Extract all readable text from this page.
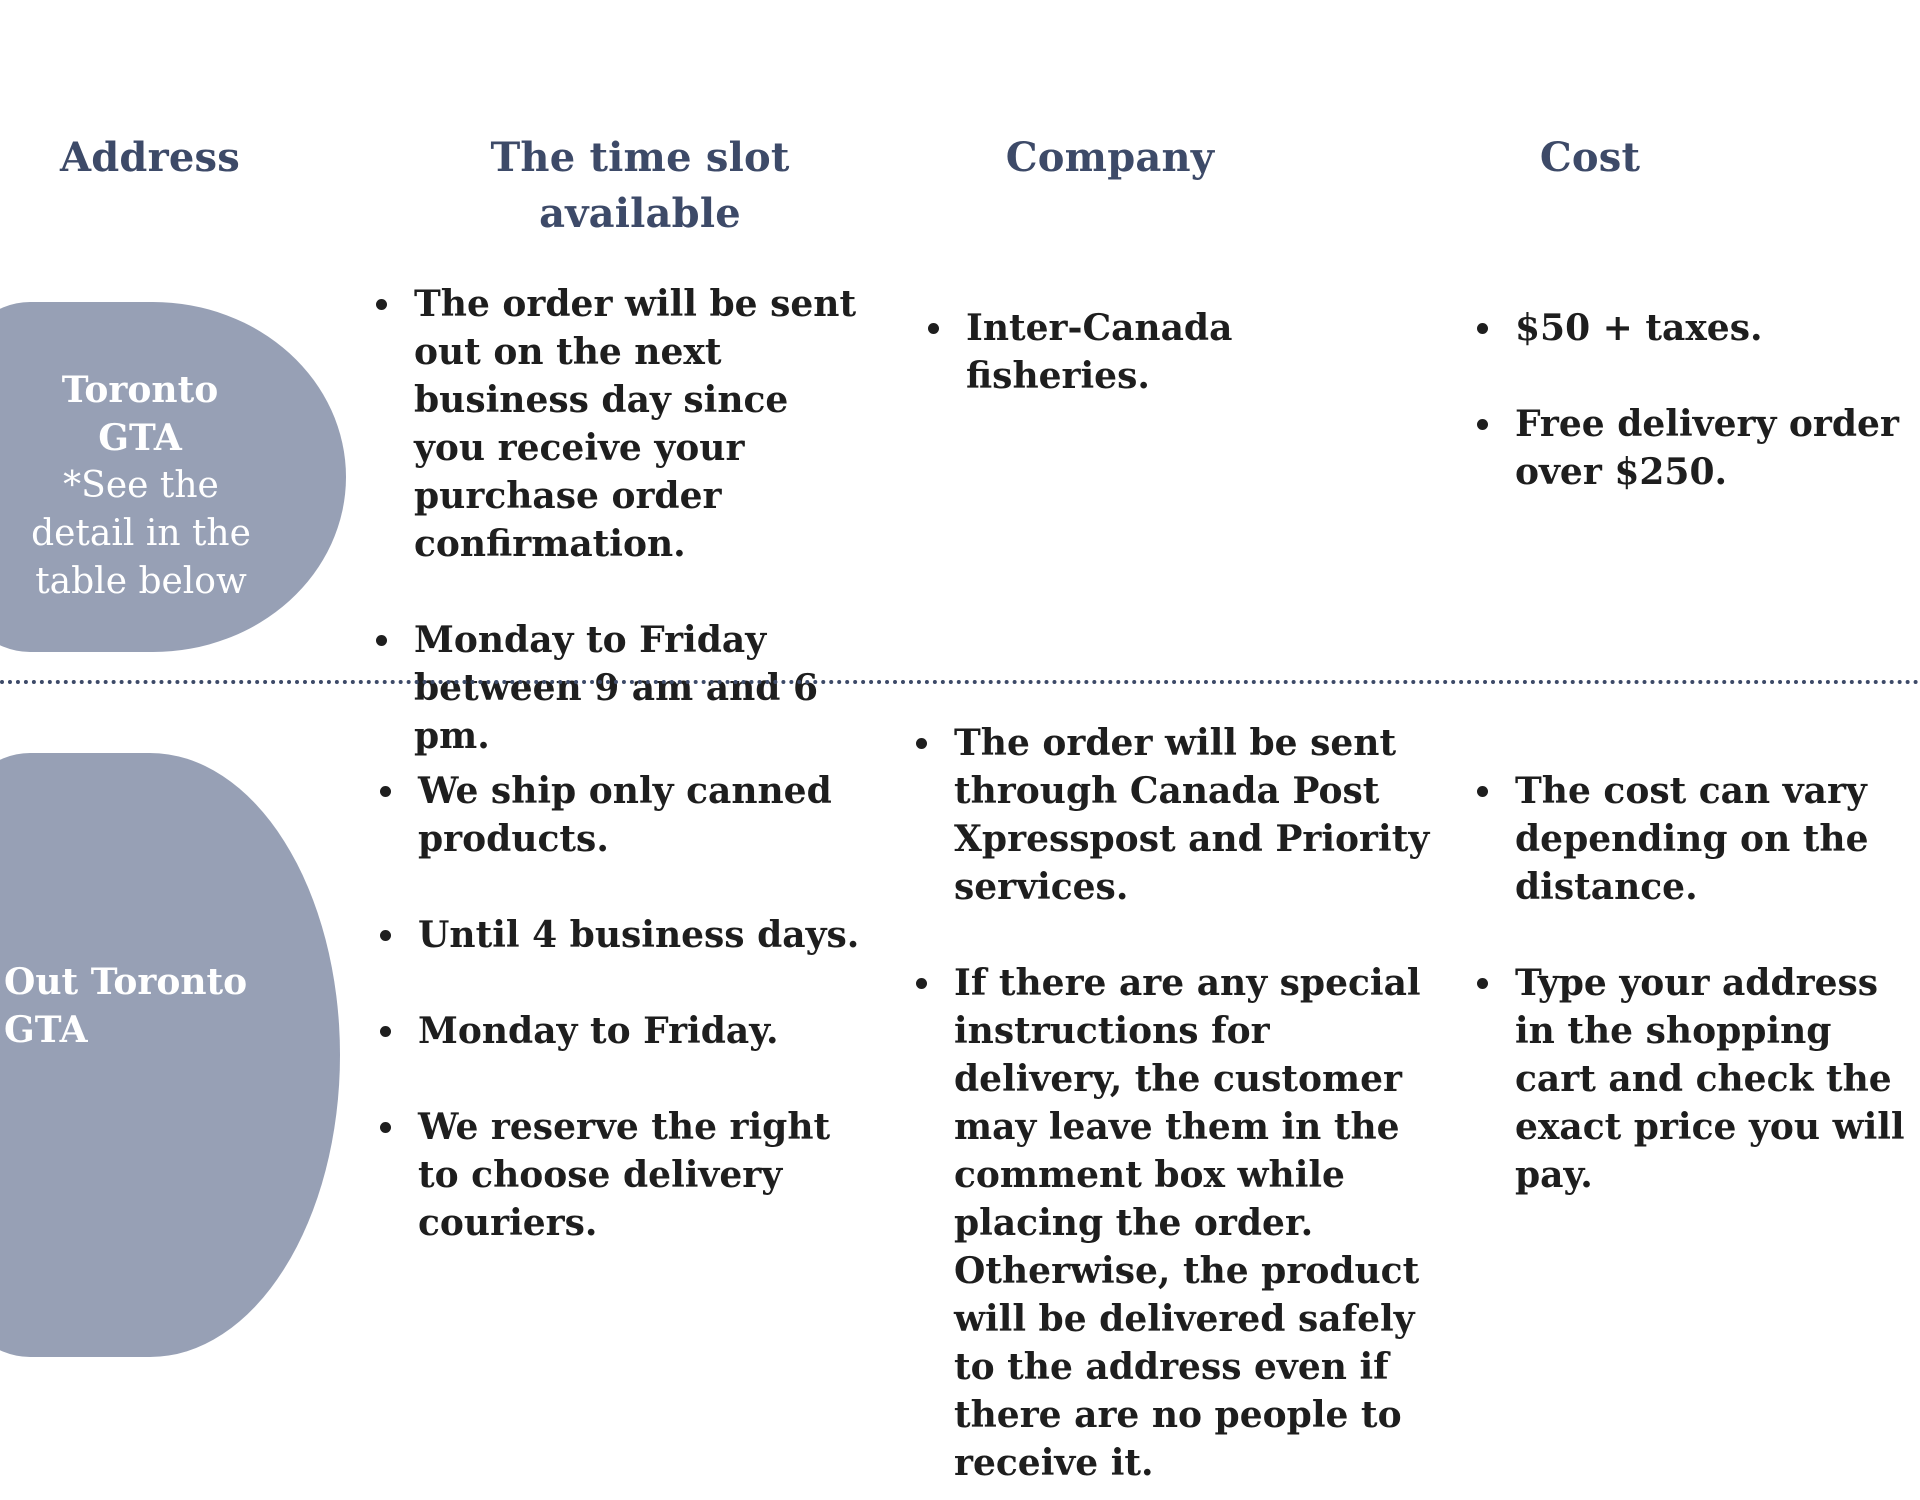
Address	The time slot available
Company	Cost
Toronto GTA
*See the detail in the table below
The order will be sent out on the next business day since you receive your purchase order confirmation.
Monday to Friday between 9 am and 6 pm.
Inter-Canada fisheries.
$50 + taxes.
Free delivery order over $250.
Out Toronto GTA
We ship only canned products.
Until 4 business days.
Monday to Friday.
We reserve the right to choose delivery couriers.
The order will be sent through Canada Post Xpresspost and Priority services.
If there are any special instructions for delivery, the customer may leave them in the comment box while placing the order. Otherwise, the product will be delivered safely to the address even if there are no people to receive it.
The cost can vary depending on the distance.
Type your address in the shopping cart and check the exact price you will pay.
